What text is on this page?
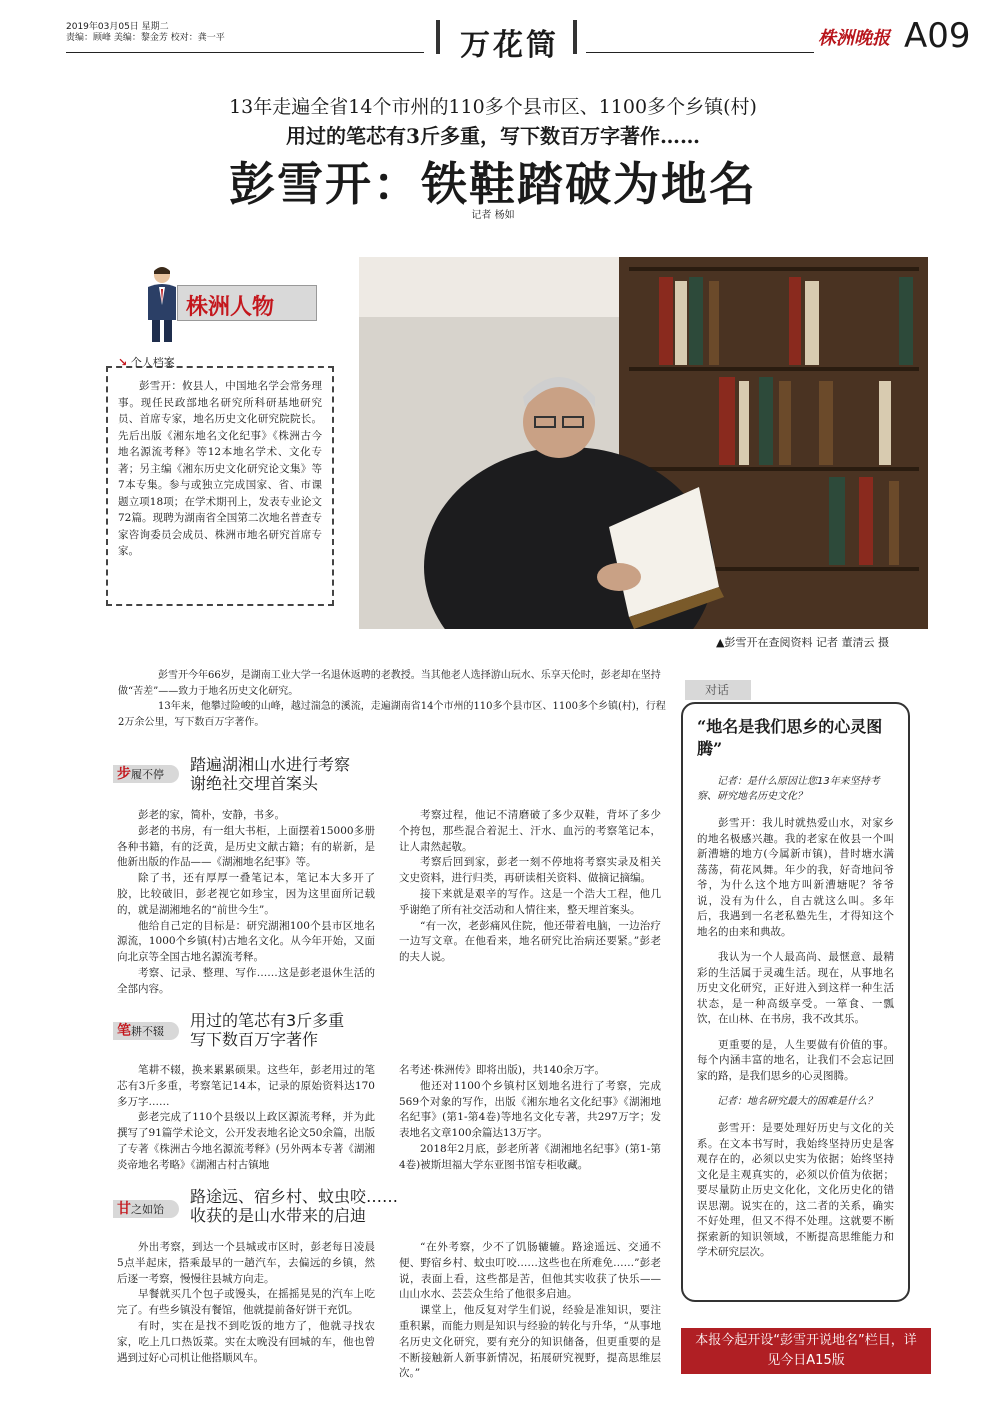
2019年03月05日 星期二
责编：顾峰 美编：黎金芳 校对：龚一平	万花筒	株洲晚报 A09
13年走遍全省14个市州的110多个县市区、1100多个乡镇(村)
用过的笔芯有3斤多重，写下数百万字著作……
彭雪开：铁鞋踏破为地名
记者 杨如
株洲人物
↘ 个人档案

彭雪开：攸县人，中国地名学会常务理事。现任民政部地名研究所科研基地研究员、首席专家，地名历史文化研究院院长。先后出版《湘东地名文化纪事》《株洲古今地名源流考释》等12本地名学术、文化专著；另主编《湘东历史文化研究论文集》等7本专集。参与或独立完成国家、省、市课题立项18项；在学术期刊上，发表专业论文72篇。现聘为湖南省全国第二次地名普查专家咨询委员会成员、株洲市地名研究首席专家。

▲彭雪开在查阅资料 记者 董清云 摄

彭雪开今年66岁，是湖南工业大学一名退休返聘的老教授。当其他老人选择游山玩水、乐享天伦时，彭老却在坚持做“苦差”——致力于地名历史文化研究。

13年来，他攀过险峻的山峰，越过湍急的溪流，走遍湖南省14个市州的110多个县市区、1100多个乡镇(村)，行程2万余公里，写下数百万字著作。

步履不停
踏遍湖湘山水进行考察
谢绝社交埋首案头

彭老的家，简朴，安静，书多。

彭老的书房，有一组大书柜，上面摆着15000多册各种书籍，有的泛黄，是历史文献古籍；有的崭新，是他新出版的作品——《湖湘地名纪事》等。

除了书，还有厚厚一叠笔记本，笔记本大多开了胶，比较破旧，彭老视它如珍宝，因为这里面所记载的，就是湖湘地名的“前世今生”。

他给自己定的目标是：研究湖湘100个县市区地名源流，1000个乡镇(村)古地名文化。从今年开始，又面向北京等全国古地名源流考释。

考察、记录、整理、写作……这是彭老退休生活的全部内容。

考察过程，他记不清磨破了多少双鞋，背坏了多少个挎包，那些混合着泥土、汗水、血污的考察笔记本，让人肃然起敬。

考察后回到家，彭老一刻不停地将考察实录及相关文史资料，进行归类，再研读相关资料、做摘记摘编。

接下来就是艰辛的写作。这是一个浩大工程，他几乎谢绝了所有社交活动和人情往来，整天埋首案头。

“有一次，老彭痛风住院，他还带着电脑，一边治疗一边写文章。在他看来，地名研究比治病还要紧。”彭老的夫人说。

笔耕不辍
用过的笔芯有3斤多重
写下数百万字著作

笔耕不辍，换来累累硕果。这些年，彭老用过的笔芯有3斤多重，考察笔记14本，记录的原始资料达170多万字……

彭老完成了110个县级以上政区源流考释，并为此撰写了91篇学术论文，公开发表地名论文50余篇，出版了专著《株洲古今地名源流考释》(另外两本专著《湖湘炎帝地名考略》《湖湘古村古镇地

名考述·株洲传》即将出版)，共140余万字。

他还对1100个乡镇村区划地名进行了考察，完成569个对象的写作，出版《湘东地名文化纪事》《湖湘地名纪事》(第1-第4卷)等地名文化专著，共297万字；发表地名文章100余篇达13万字。

2018年2月底，彭老所著《湖湘地名纪事》(第1-第4卷)被斯坦福大学东亚图书馆专柜收藏。

甘之如饴
路途远、宿乡村、蚊虫咬……
收获的是山水带来的启迪

外出考察，到达一个县城或市区时，彭老每日凌晨5点半起床，搭乘最早的一趟汽车，去偏远的乡镇，然后逐一考察，慢慢往县城方向走。

早餐就买几个包子或馒头，在摇摇晃晃的汽车上吃完了。有些乡镇没有餐馆，他就提前备好饼干充饥。

有时，实在是找不到吃饭的地方了，他就寻找农家，吃上几口热饭菜。实在太晚没有回城的车，他也曾遇到过好心司机让他搭顺风车。

“在外考察，少不了饥肠辘辘。路途遥远、交通不便、野宿乡村、蚊虫叮咬……这些也在所难免……”彭老说，表面上看，这些都是苦，但他其实收获了快乐——山山水水、芸芸众生给了他很多启迪。

课堂上，他反复对学生们说，经验是准知识，要注重积累，而能力则是知识与经验的转化与升华，“从事地名历史文化研究，要有充分的知识储备，但更重要的是不断接触新人新事新情况，拓展研究视野，提高思维层次。”

对话
“地名是我们思乡的心灵图腾”
记者：是什么原因让您13年来坚持考察、研究地名历史文化？

彭雪开：我儿时就热爱山水，对家乡的地名极感兴趣。我的老家在攸县一个叫新漕塘的地方(今属新市镇)，昔时塘水满荡荡，荷花风舞。年少的我，好奇地问爷爷，为什么这个地方叫新漕塘呢？爷爷说，没有为什么，自古就这么叫。多年后，我遇到一名老私塾先生，才得知这个地名的由来和典故。

我认为一个人最高尚、最惬意、最精彩的生活属于灵魂生活。现在，从事地名历史文化研究，正好进入到这样一种生活状态，是一种高级享受。一箪食、一瓢饮，在山林、在书房，我不改其乐。

更重要的是，人生要做有价值的事。每个内涵丰富的地名，让我们不会忘记回家的路，是我们思乡的心灵图腾。

记者：地名研究最大的困难是什么？

彭雪开：是要处理好历史与文化的关系。在文本书写时，我始终坚持历史是客观存在的，必须以史实为依据；始终坚持文化是主观真实的，必须以价值为依据；要尽量防止历史文化化，文化历史化的错误思潮。说实在的，这二者的关系，确实不好处理，但又不得不处理。这就要不断探索新的知识领域，不断提高思维能力和学术研究层次。

本报今起开设“彭雪开说地名”栏目，详见今日A15版
